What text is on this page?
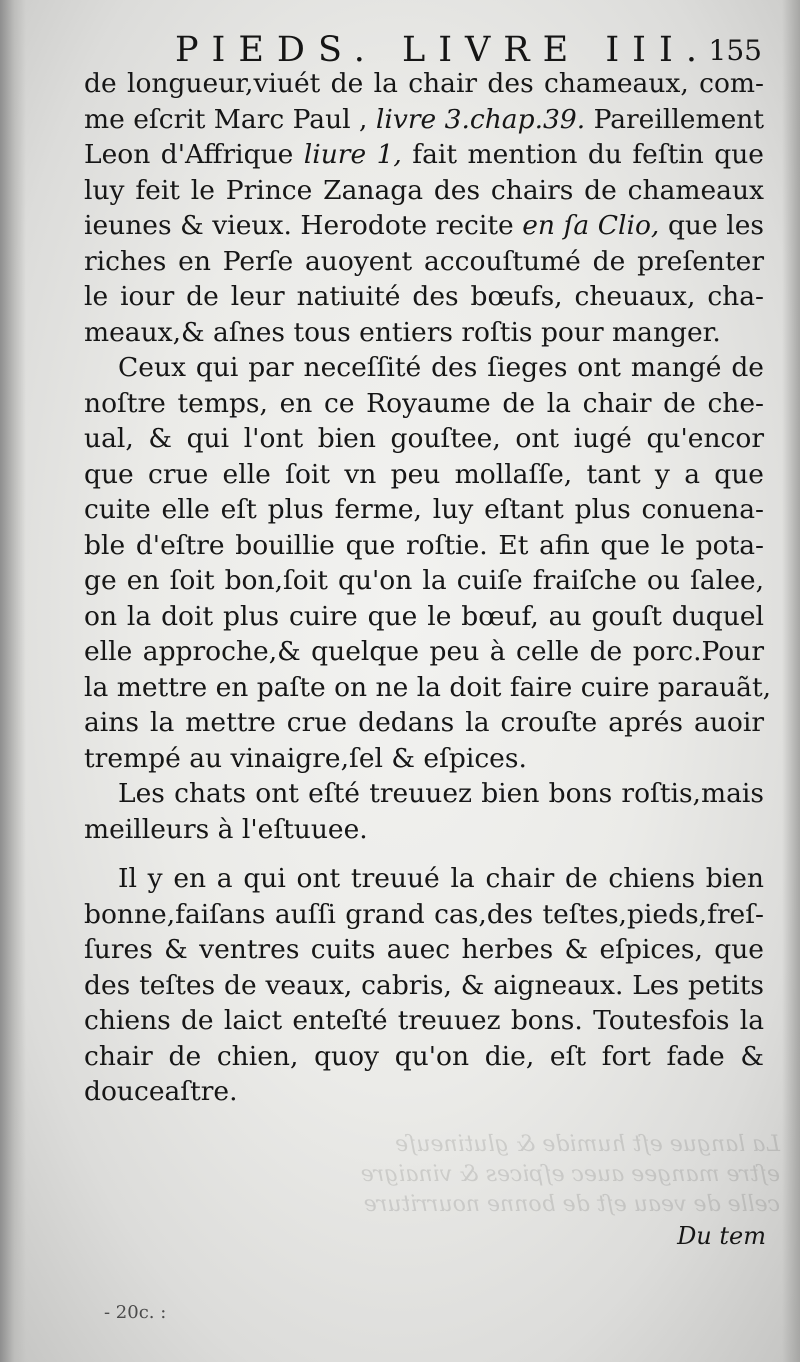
PIEDS. LIVRE III.
155
La langue eſt humide & glutineuſe
eſtre mangee auec eſpices & vinaigre
celle de veau eſt de bonne nourriture
de longueur,viuét de la chair des chameaux, com-
me eſcrit Marc Paul , livre 3.chap.39. Pareillement
Leon d'Affrique liure 1, fait mention du feſtin que
luy feit le Prince Zanaga des chairs de chameaux
ieunes & vieux. Herodote recite en ſa Clio, que les
riches en Perſe auoyent accouſtumé de preſenter
le iour de leur natiuité des bœufs, cheuaux, cha-
meaux,& aſnes tous entiers roſtis pour manger.
Ceux qui par neceſſité des ſieges ont mangé de
noſtre temps, en ce Royaume de la chair de che-
ual, & qui l'ont bien gouſtee, ont iugé qu'encor
que crue elle ſoit vn peu mollaſſe, tant y a que
cuite elle eſt plus ferme, luy eſtant plus conuena-
ble d'eſtre bouillie que roſtie. Et afin que le pota-
ge en ſoit bon,ſoit qu'on la cuiſe fraiſche ou ſalee,
on la doit plus cuire que le bœuf, au gouſt duquel
elle approche,& quelque peu à celle de porc.Pour
la mettre en paſte on ne la doit faire cuire parauãt,
ains la mettre crue dedans la crouſte aprés auoir
trempé au vinaigre,ſel & eſpices.
Les chats ont eſté treuuez bien bons roſtis,mais
meilleurs à l'eſtuuee.
Il y en a qui ont treuué la chair de chiens bien
bonne,faiſans auſſi grand cas,des teſtes,pieds,freſ-
ſures & ventres cuits auec herbes & eſpices, que
des teſtes de veaux, cabris, & aigneaux. Les petits
chiens de laict enteſté treuuez bons. Toutesfois la
chair de chien, quoy qu'on die, eſt fort fade &
douceaſtre.
Du tem
- 20c. :
